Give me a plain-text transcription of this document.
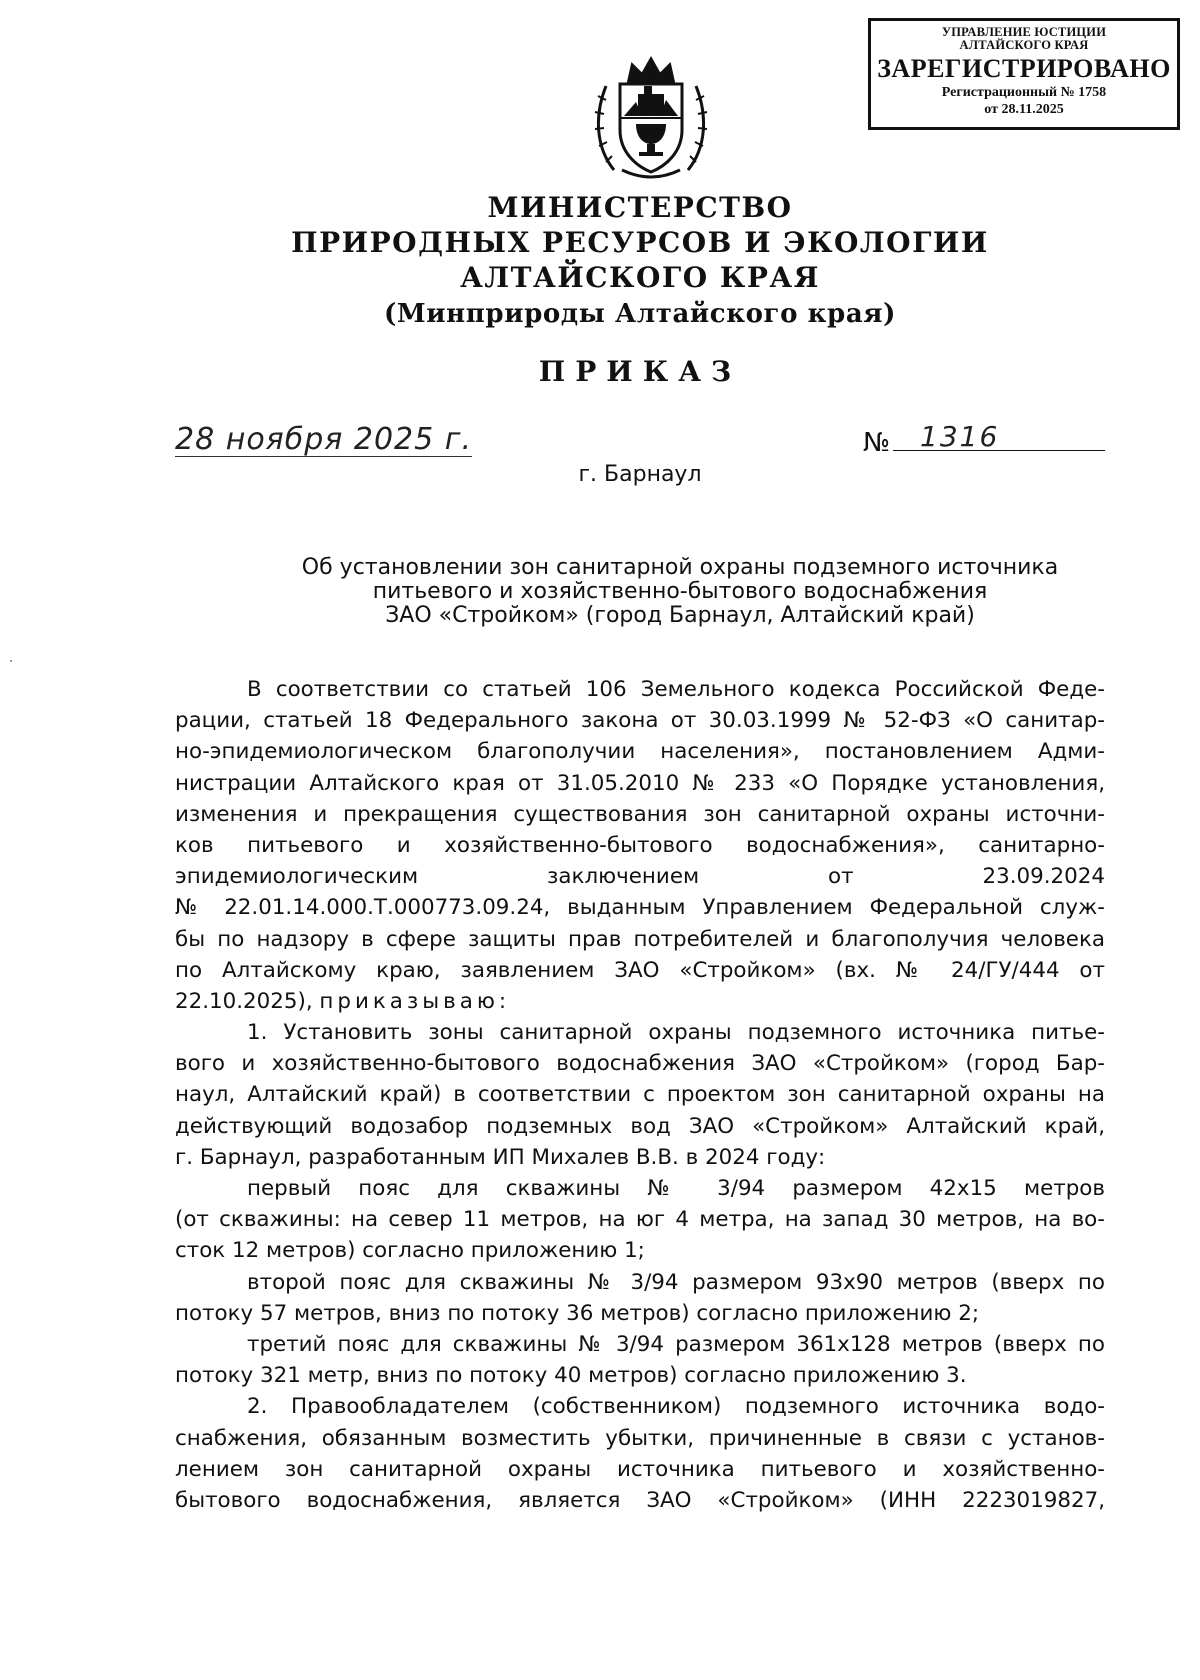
УПРАВЛЕНИЕ ЮСТИЦИИ
АЛТАЙСКОГО КРАЯ
ЗАРЕГИСТРИРОВАНО
Регистрационный № 1758
от 28.11.2025
МИНИСТЕРСТВО
ПРИРОДНЫХ РЕСУРСОВ И ЭКОЛОГИИ
АЛТАЙСКОГО КРАЯ
(Минприроды Алтайского края)
ПРИКАЗ
28 ноября 2025 г.	№ 1316
г. Барнаул
Об установлении зон санитарной охраны подземного источника
питьевого и хозяйственно-бытового водоснабжения
ЗАО «Стройком» (город Барнаул, Алтайский край)
В соответствии со статьей 106 Земельного кодекса Российской Феде-
рации, статьей 18 Федерального закона от 30.03.1999 № 52-ФЗ «О санитар-
но-эпидемиологическом благополучии населения», постановлением Адми-
нистрации Алтайского края от 31.05.2010 № 233 «О Порядке установления,
изменения и прекращения существования зон санитарной охраны источни-
ков питьевого и хозяйственно-бытового водоснабжения», санитарно-
эпидемиологическим заключением от 23.09.2024
№ 22.01.14.000.Т.000773.09.24, выданным Управлением Федеральной служ-
бы по надзору в сфере защиты прав потребителей и благополучия человека
по Алтайскому краю, заявлением ЗАО «Стройком» (вх. № 24/ГУ/444 от
22.10.2025), приказываю:
1. Установить зоны санитарной охраны подземного источника питье-
вого и хозяйственно-бытового водоснабжения ЗАО «Стройком» (город Бар-
наул, Алтайский край) в соответствии с проектом зон санитарной охраны на
действующий водозабор подземных вод ЗАО «Стройком» Алтайский край,
г. Барнаул, разработанным ИП Михалев В.В. в 2024 году:
первый пояс для скважины № 3/94 размером 42х15 метров
(от скважины: на север 11 метров, на юг 4 метра, на запад 30 метров, на во-
сток 12 метров) согласно приложению 1;
второй пояс для скважины № 3/94 размером 93х90 метров (вверх по
потоку 57 метров, вниз по потоку 36 метров) согласно приложению 2;
третий пояс для скважины № 3/94 размером 361х128 метров (вверх по
потоку 321 метр, вниз по потоку 40 метров) согласно приложению 3.
2. Правообладателем (собственником) подземного источника водо-
снабжения, обязанным возместить убытки, причиненные в связи с установ-
лением зон санитарной охраны источника питьевого и хозяйственно-
бытового водоснабжения, является ЗАО «Стройком» (ИНН 2223019827,
